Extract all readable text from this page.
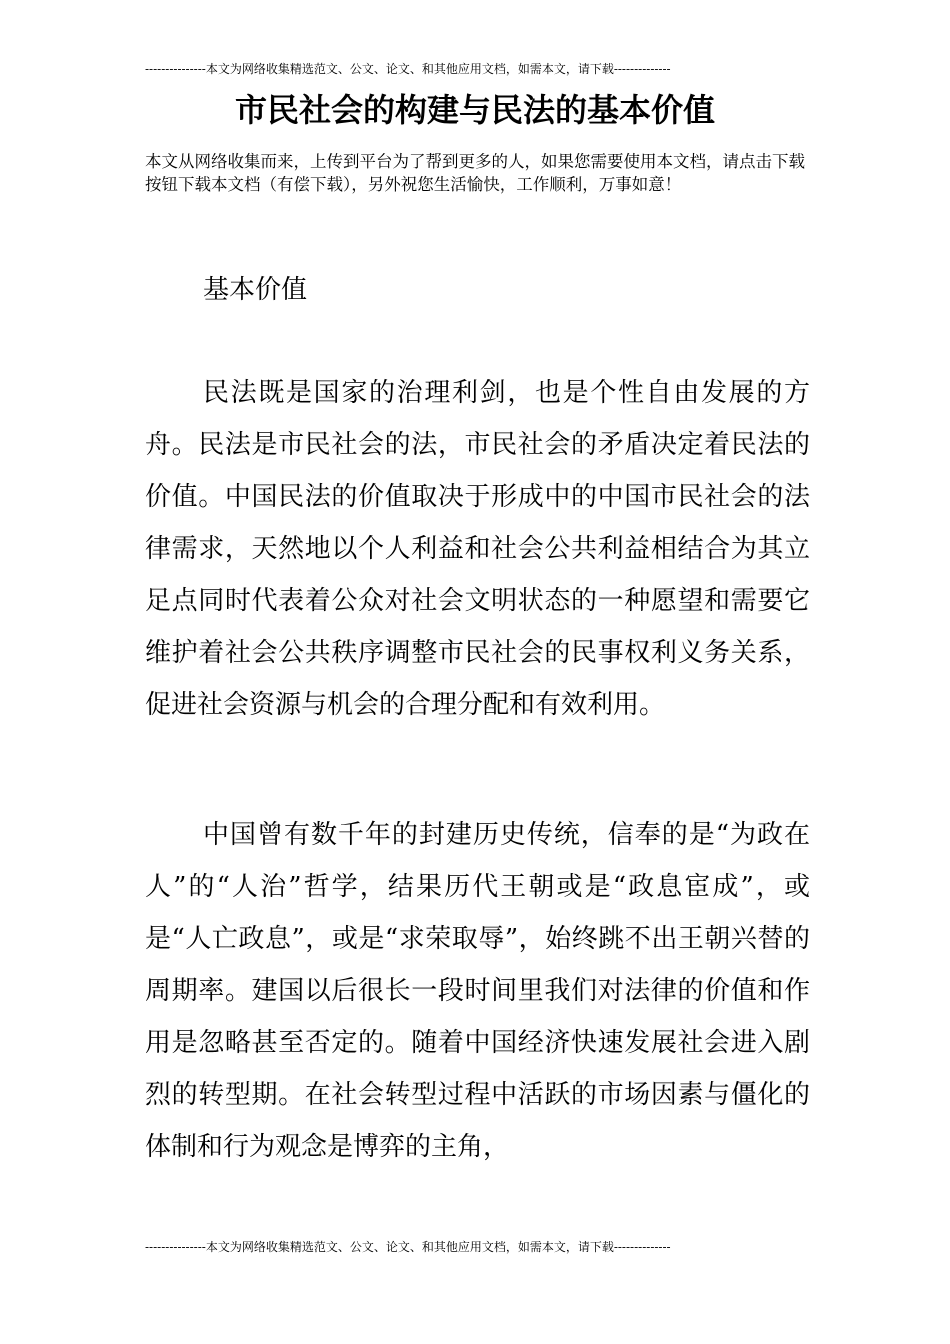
---------------本文为网络收集精选范文、公文、论文、和其他应用文档，如需本文，请下载--------------
市民社会的构建与民法的基本价值

本文从网络收集而来，上传到平台为了帮到更多的人，如果您需要使用本文档，请点击下载按钮下载本文档（有偿下载），另外祝您生活愉快，工作顺利，万事如意！

基本价值

民法既是国家的治理利剑，也是个性自由发展的方舟。民法是市民社会的法，市民社会的矛盾决定着民法的价值。中国民法的价值取决于形成中的中国市民社会的法律需求，天然地以个人利益和社会公共利益相结合为其立足点同时代表着公众对社会文明状态的一种愿望和需要它维护着社会公共秩序调整市民社会的民事权利义务关系，促进社会资源与机会的合理分配和有效利用。

中国曾有数千年的封建历史传统，信奉的是“为政在人”的“人治”哲学，结果历代王朝或是“政息宦成”，或是“人亡政息”，或是“求荣取辱”，始终跳不出王朝兴替的周期率。建国以后很长一段时间里我们对法律的价值和作用是忽略甚至否定的。随着中国经济快速发展社会进入剧烈的转型期。在社会转型过程中活跃的市场因素与僵化的体制和行为观念是博弈的主角，

---------------本文为网络收集精选范文、公文、论文、和其他应用文档，如需本文，请下载--------------
